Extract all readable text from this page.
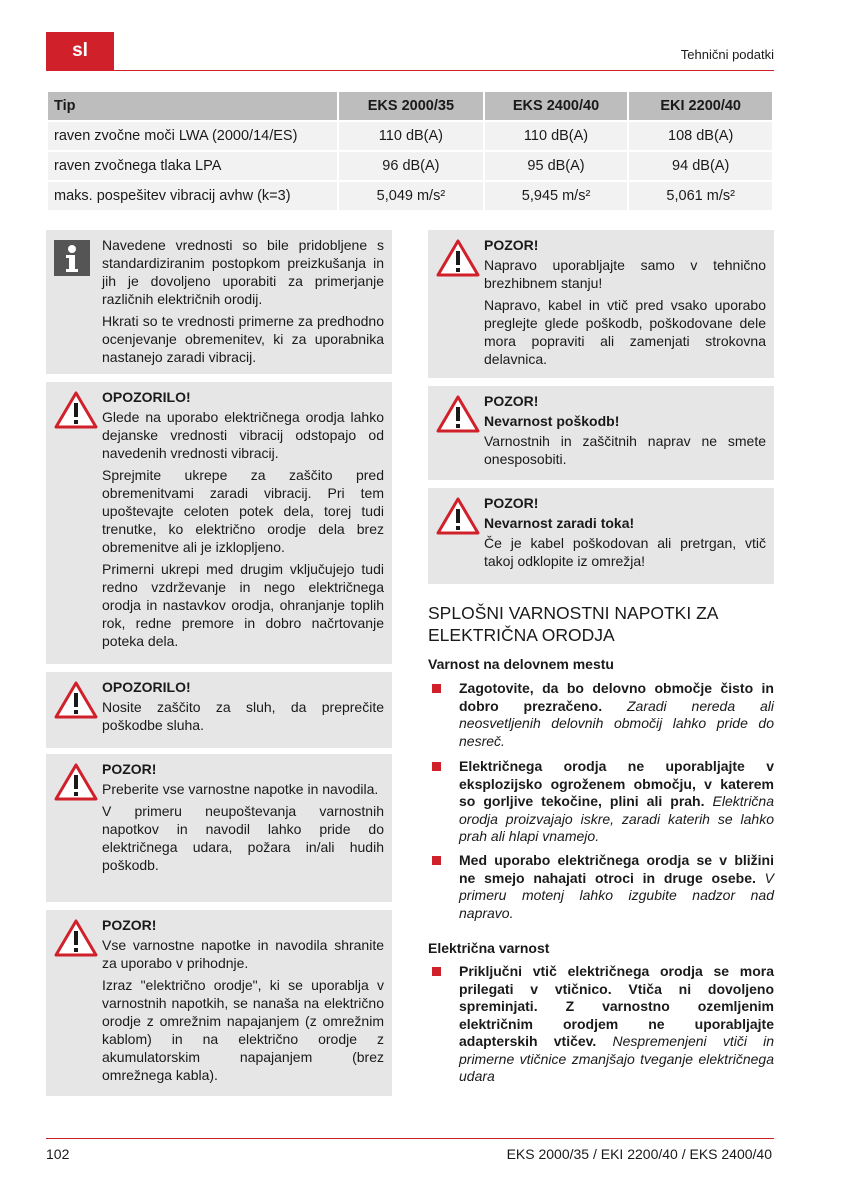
sl	Tehnični podatki
Tip	EKS 2000/35	EKS 2400/40	EKI 2200/40
raven zvočne moči LWA (2000/14/ES)	110 dB(A)	110 dB(A)	108 dB(A)
raven zvočnega tlaka LPA	96 dB(A)	95 dB(A)	94 dB(A)
maks. pospešitev vibracij avhw (k=3)	5,049 m/s²	5,945 m/s²	5,061 m/s²

Navedene vrednosti so bile pridobljene s standardiziranim postopkom preizkušanja in jih je dovoljeno uporabiti za primerjanje različnih električnih orodij.

Hkrati so te vrednosti primerne za predhodno ocenjevanje obremenitev, ki za uporabnika nastanejo zaradi vibracij.

OPOZORILO!

Glede na uporabo električnega orodja lahko dejanske vrednosti vibracij odstopajo od navedenih vrednosti vibracij.

Sprejmite ukrepe za zaščito pred obremenitvami zaradi vibracij. Pri tem upoštevajte celoten potek dela, torej tudi trenutke, ko električno orodje dela brez obremenitve ali je izklopljeno.

Primerni ukrepi med drugim vključujejo tudi redno vzdrževanje in nego električnega orodja in nastavkov orodja, ohranjanje toplih rok, redne premore in dobro načrtovanje poteka dela.

OPOZORILO!

Nosite zaščito za sluh, da preprečite poškodbe sluha.

POZOR!

Preberite vse varnostne napotke in navodila.

V primeru neupoštevanja varnostnih napotkov in navodil lahko pride do električnega udara, požara in/ali hudih poškodb.

POZOR!

Vse varnostne napotke in navodila shranite za uporabo v prihodnje.

Izraz "električno orodje", ki se uporablja v varnostnih napotkih, se nanaša na električno orodje z omrežnim napajanjem (z omrežnim kablom) in na električno orodje z akumulatorskim napajanjem (brez omrežnega kabla).

POZOR!

Napravo uporabljajte samo v tehnično brezhibnem stanju!

Napravo, kabel in vtič pred vsako uporabo preglejte glede poškodb, poškodovane dele mora popraviti ali zamenjati strokovna delavnica.

POZOR!

Nevarnost poškodb!

Varnostnih in zaščitnih naprav ne smete onesposobiti.

POZOR!

Nevarnost zaradi toka!

Če je kabel poškodovan ali pretrgan, vtič takoj odklopite iz omrežja!

SPLOŠNI VARNOSTNI NAPOTKI ZA ELEKTRIČNA ORODJA
Varnost na delovnem mestu
Zagotovite, da bo delovno območje čisto in dobro prezračeno. Zaradi nereda ali neosvetljenih delovnih območij lahko pride do nesreč.
Električnega orodja ne uporabljajte v eksplozijsko ogroženem območju, v katerem so gorljive tekočine, plini ali prah. Električna orodja proizvajajo iskre, zaradi katerih se lahko prah ali hlapi vnamejo.
Med uporabo električnega orodja se v bližini ne smejo nahajati otroci in druge osebe. V primeru motenj lahko izgubite nadzor nad napravo.
Električna varnost
Priključni vtič električnega orodja se mora prilegati v vtičnico. Vtiča ni dovoljeno spreminjati. Z varnostno ozemljenim električnim orodjem ne uporabljajte adapterskih vtičev. Nespremenjeni vtiči in primerne vtičnice zmanjšajo tveganje električnega udara
102	EKS 2000/35 / EKI 2200/40 / EKS 2400/40
